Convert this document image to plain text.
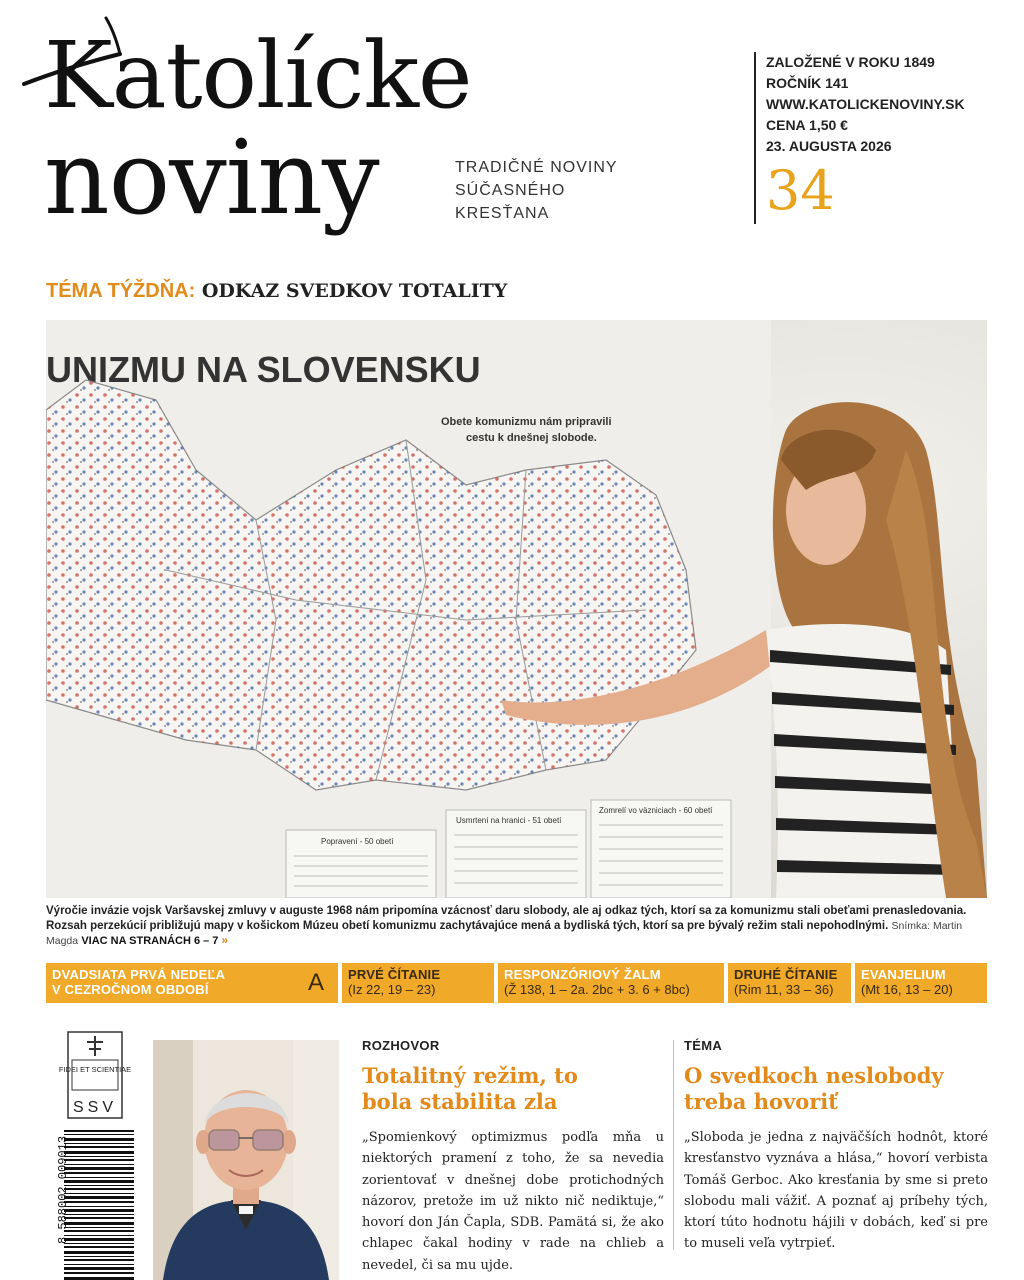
Katolícke
noviny	TRADIČNÉ NOVINY
SÚČASNÉHO
KRESŤANA
ZALOŽENÉ V ROKU 1849
ROČNÍK 141
WWW.KATOLICKENOVINY.SK
CENA 1,50 €
23. AUGUSTA 2026
34
TÉMA TÝŽDŇA: ODKAZ SVEDKOV TOTALITY
UNIZMU NA SLOVENSKU
Obete komunizmu nám pripravili
cestu k dnešnej slobode.
Popravení - 50 obetí
Usmrtení na hranici - 51 obetí
Zomrelí vo väzniciach - 60 obetí
Výročie invázie vojsk Varšavskej zmluvy v auguste 1968 nám pripomína vzácnosť daru slobody, ale aj odkaz tých, ktorí sa za komunizmu stali obeťami prenasledovania. Rozsah perzekúcií približujú mapy v košickom Múzeu obetí komunizmu zachytávajúce mená a bydliská tých, ktorí sa pre bývalý režim stali nepohodlnými. Snímka: Martin Magda VIAC NA STRANÁCH 6 – 7 »
DVADSIATA PRVÁ NEDEĽA
V CEZROČNOM OBDOBÍ	A PRVÉ ČÍTANIE
(Iz 22, 19 – 23)
RESPONZÓRIOVÝ ŽALM
(Ž 138, 1 – 2a. 2bc + 3. 6 + 8bc)
DRUHÉ ČÍTANIE
(Rim 11, 33 – 36)
EVANJELIUM
(Mt 16, 13 – 20)
FIDEI ET SCIENTIAE
SSV
8 588002 009013
ROZHOVOR
Totalitný režim, to bola stabilita zla
„Spomienkový optimizmus podľa mňa u niektorých pramení z toho, že sa nevedia zorientovať v dnešnej dobe protichodných názorov, pretože im už nikto nič nediktuje,“ hovorí don Ján Čapla, SDB. Pamätá si, že ako chlapec čakal hodiny v rade na chlieb a nevedel, či sa mu ujde.
TÉMA
O svedkoch neslobody treba hovoriť
„Sloboda je jedna z najväčších hodnôt, ktoré kresťanstvo vyznáva a hlása,“ hovorí verbista Tomáš Gerboc. Ako kresťania by sme si preto slobodu mali vážiť. A poznať aj príbehy tých, ktorí túto hodnotu hájili v dobách, keď si pre to museli veľa vytrpieť.
